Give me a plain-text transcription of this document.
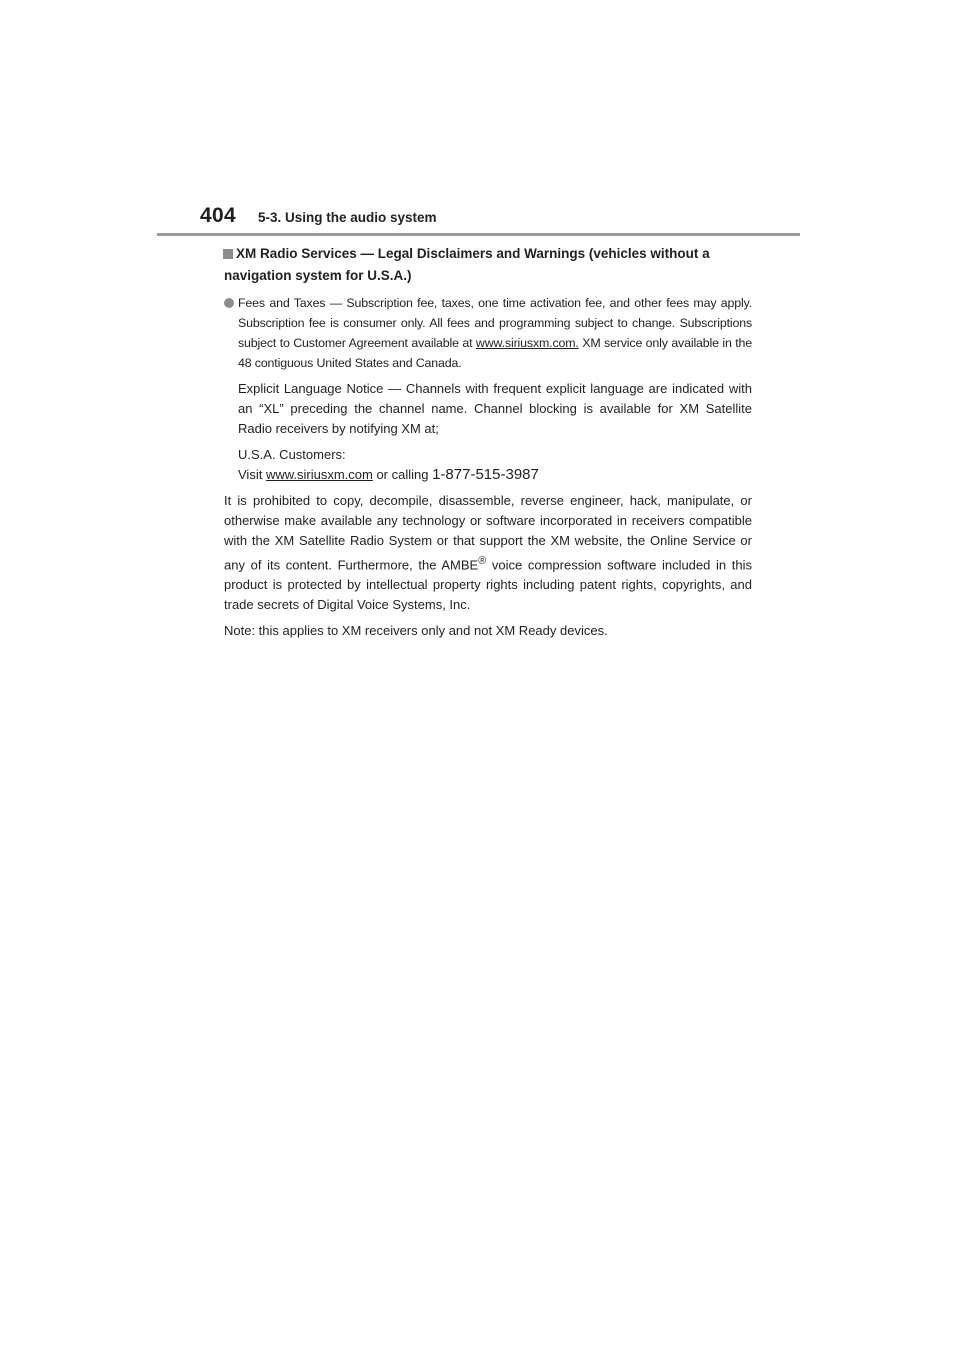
404 5-3. Using the audio system
XM Radio Services — Legal Disclaimers and Warnings (vehicles without a navigation system for U.S.A.)

Fees and Taxes — Subscription fee, taxes, one time activation fee, and other fees may apply. Subscription fee is consumer only. All fees and programming subject to change. Subscriptions subject to Customer Agreement available at www.siriusxm.com. XM service only available in the 48 contiguous United States and Canada.

Explicit Language Notice — Channels with frequent explicit language are indicated with an “XL” preceding the channel name. Channel blocking is available for XM Satellite Radio receivers by notifying XM at;

U.S.A. Customers:
Visit www.siriusxm.com or calling 1-877-515-3987

It is prohibited to copy, decompile, disassemble, reverse engineer, hack, manipulate, or otherwise make available any technology or software incorporated in receivers compatible with the XM Satellite Radio System or that support the XM website, the Online Service or any of its content. Furthermore, the AMBE® voice compression software included in this product is protected by intellectual property rights including patent rights, copyrights, and trade secrets of Digital Voice Systems, Inc.

Note: this applies to XM receivers only and not XM Ready devices.
